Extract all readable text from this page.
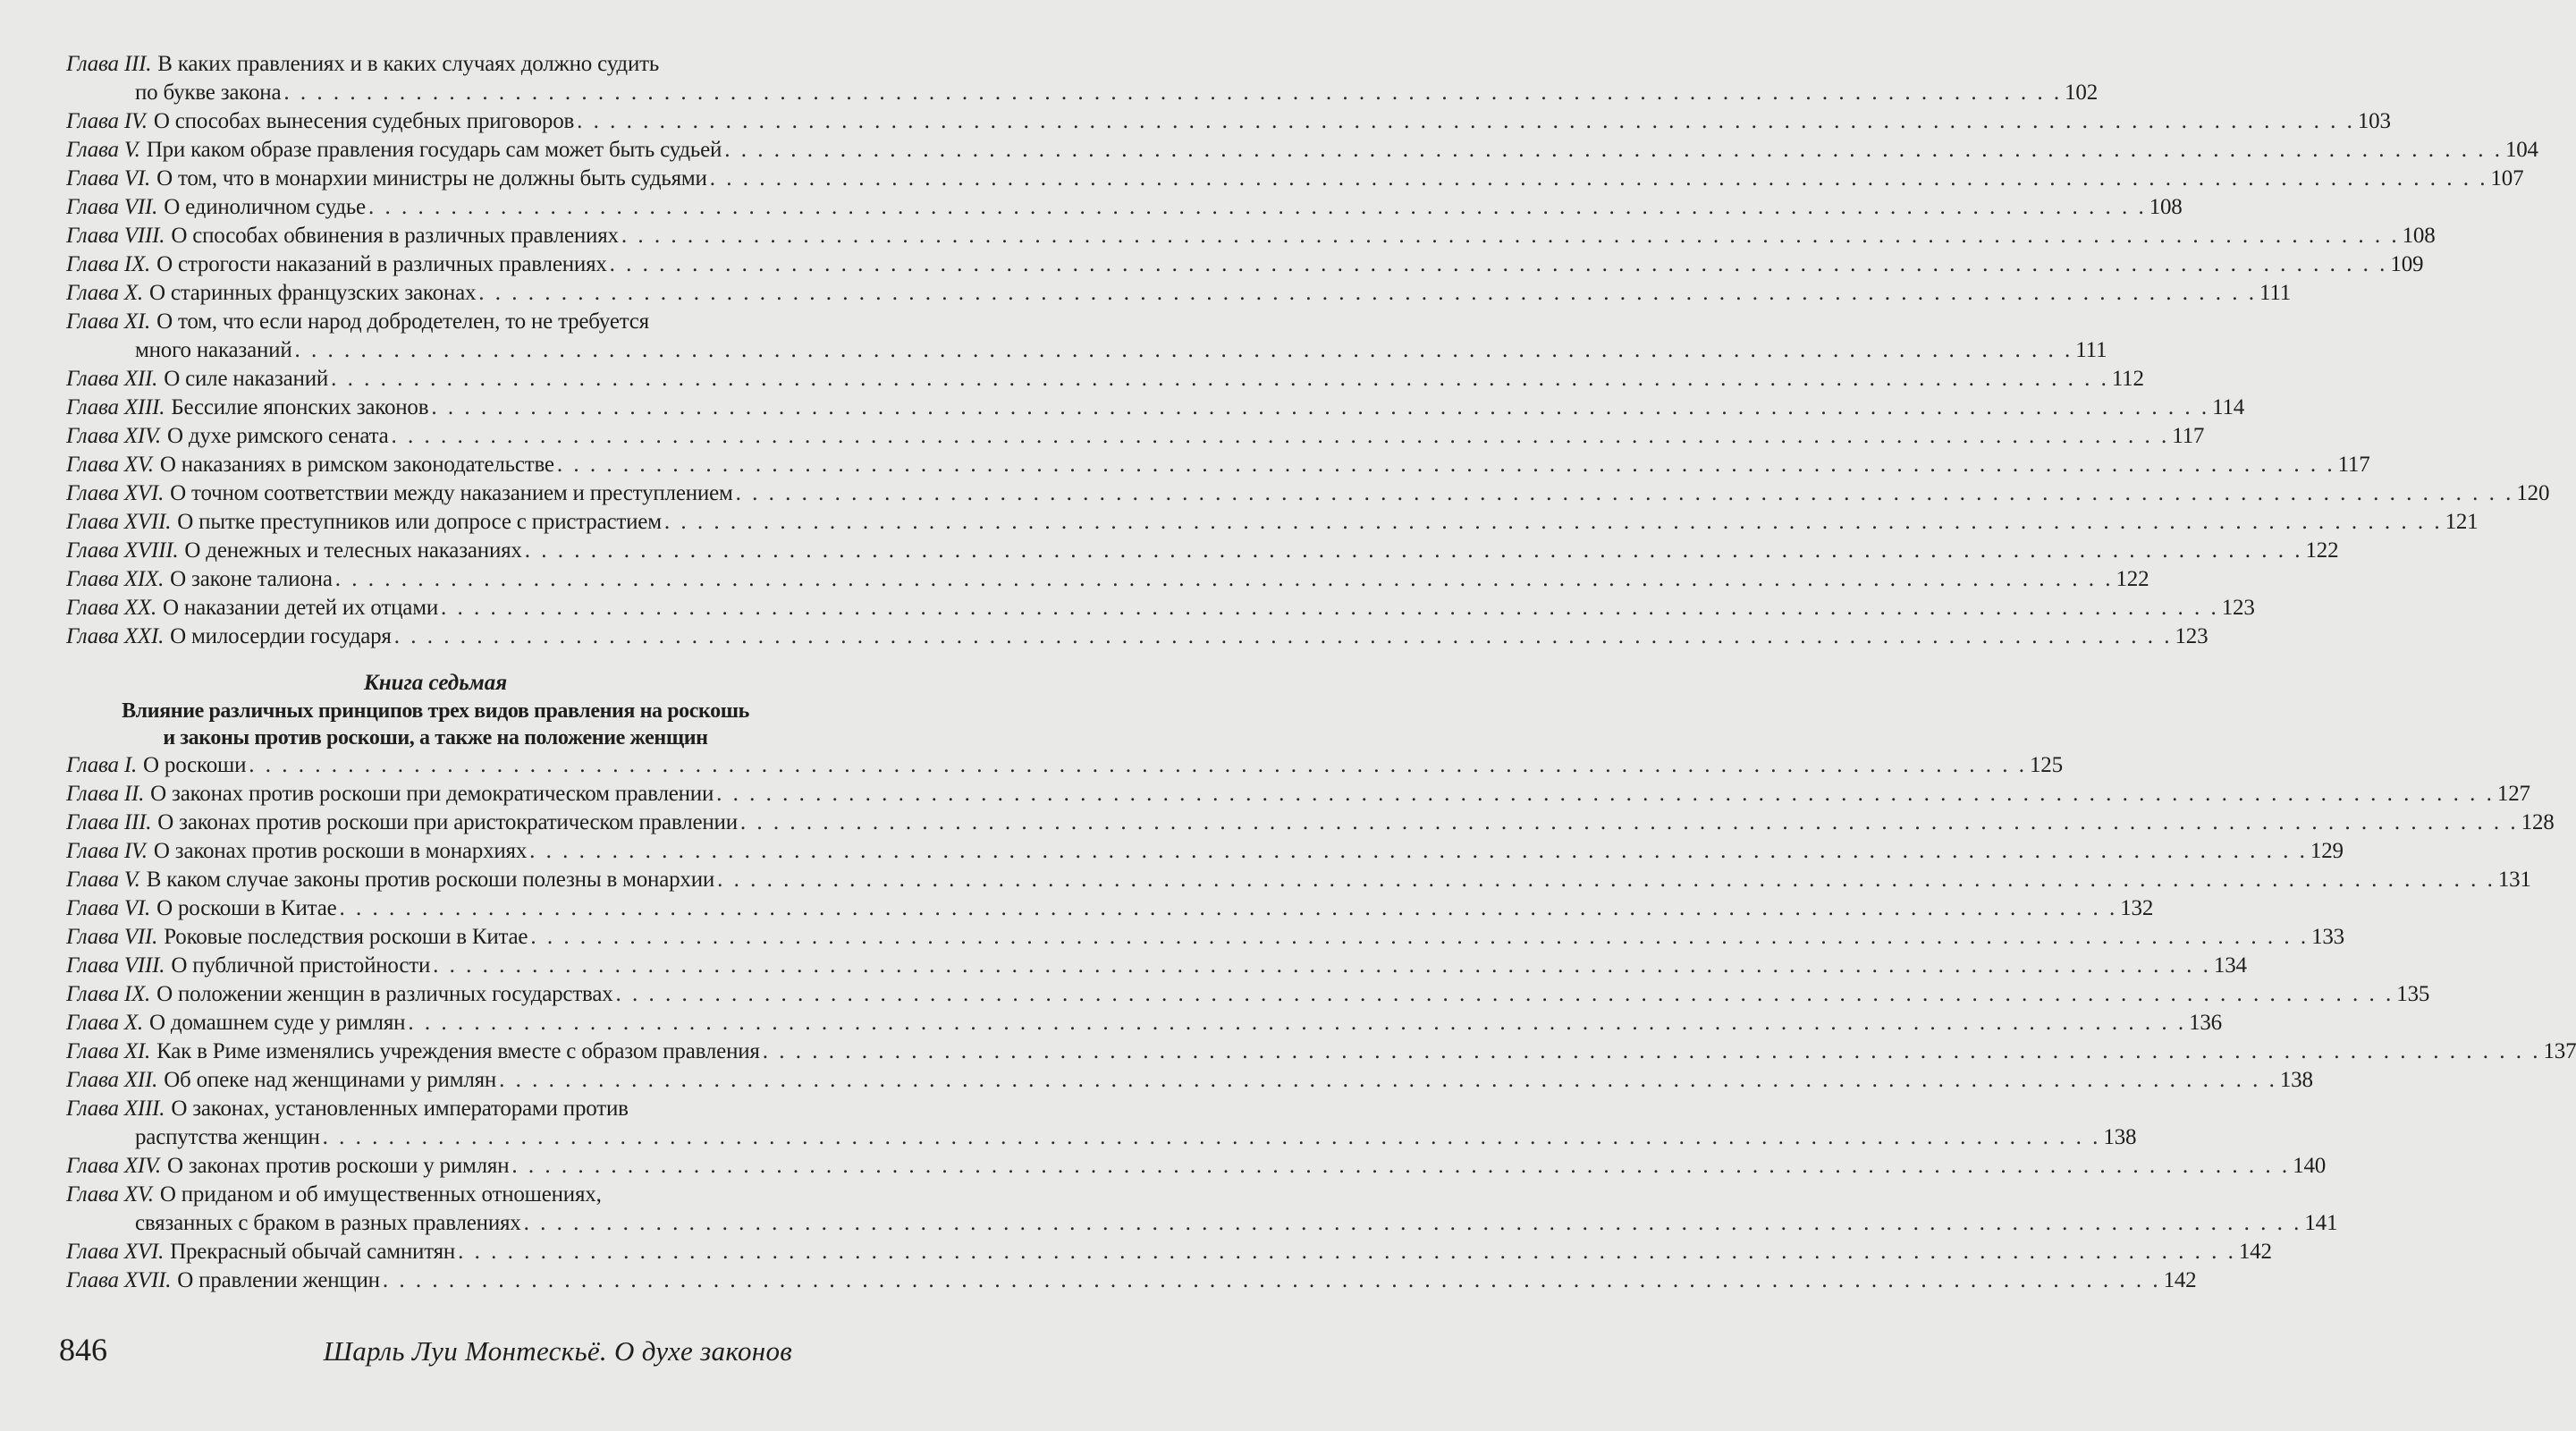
Глава III. В каких правлениях и в каких случаях должно судить
по букве закона . . .	102
Глава IV. О способах вынесения судебных приговоров . . .	103
Глава V. При каком образе правления государь сам может быть судьей . . .	104
Глава VI. О том, что в монархии министры не должны быть судьями . . .	107
Глава VII. О единоличном судье . . .	108
Глава VIII. О способах обвинения в различных правлениях . . .	108
Глава IX. О строгости наказаний в различных правлениях . . .	109
Глава X. О старинных французских законах . . .	111
Глава XI. О том, что если народ добродетелен, то не требуется
много наказаний . . .	111
Глава XII. О силе наказаний . . .	112
Глава XIII. Бессилие японских законов . . .	114
Глава XIV. О духе римского сената . . .	117
Глава XV. О наказаниях в римском законодательстве . . .	117
Глава XVI. О точном соответствии между наказанием и преступлением . . .	120
Глава XVII. О пытке преступников или допросе с пристрастием . . .	121
Глава XVIII. О денежных и телесных наказаниях . . .	122
Глава XIX. О законе талиона . . .	122
Глава XX. О наказании детей их отцами . . .	123
Глава XXI. О милосердии государя . . .	123
Книга седьмая
Влияние различных принципов трех видов правления на роскошь
и законы против роскоши, а также на положение женщин
Глава I. О роскоши . . .	125
Глава II. О законах против роскоши при демократическом правлении . . .	127
Глава III. О законах против роскоши при аристократическом правлении . . .	128
Глава IV. О законах против роскоши в монархиях . . .	129
Глава V. В каком случае законы против роскоши полезны в монархии . . .	131
Глава VI. О роскоши в Китае . . .	132
Глава VII. Роковые последствия роскоши в Китае . . .	133
Глава VIII. О публичной пристойности . . .	134
Глава IX. О положении женщин в различных государствах . . .	135
Глава X. О домашнем суде у римлян . . .	136
Глава XI. Как в Риме изменялись учреждения вместе с образом правления . . .	137
Глава XII. Об опеке над женщинами у римлян . . .	138
Глава XIII. О законах, установленных императорами против
распутства женщин . . .	138
Глава XIV. О законах против роскоши у римлян . . .	140
Глава XV. О приданом и об имущественных отношениях,
связанных с браком в разных правлениях . . .	141
Глава XVI. Прекрасный обычай самнитян . . .	142
Глава XVII. О правлении женщин . . .	142
846	Шарль Луи Монтескьё. О духе законов
